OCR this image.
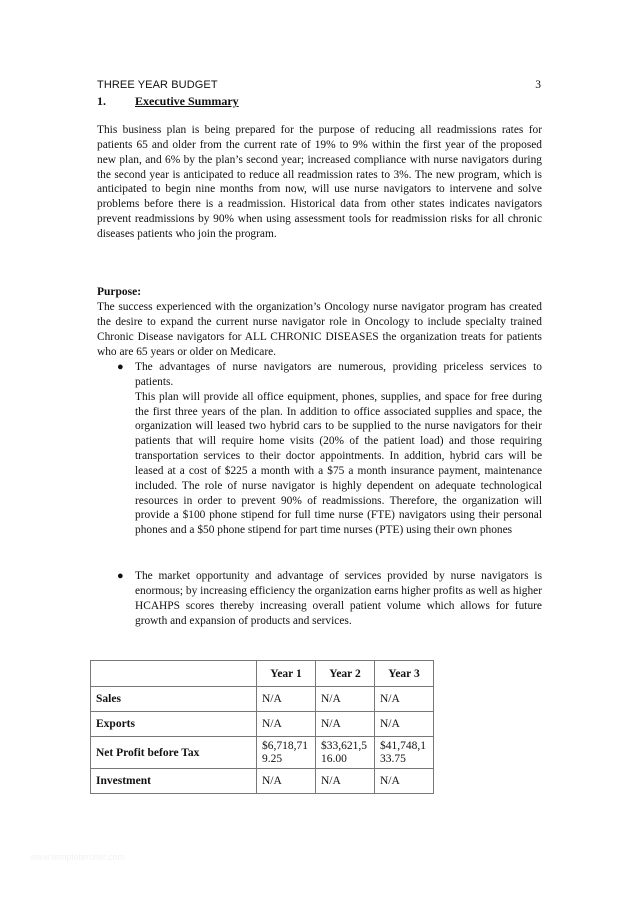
THREE YEAR BUDGET	3
1. Executive Summary

This business plan is being prepared for the purpose of reducing all readmissions rates for patients 65 and older from the current rate of 19% to 9% within the first year of the proposed new plan, and 6% by the plan’s second year; increased compliance with nurse navigators during the second year is anticipated to reduce all readmission rates to 3%. The new program, which is anticipated to begin nine months from now, will use nurse navigators to intervene and solve problems before there is a readmission. Historical data from other states indicates navigators prevent readmissions by 90% when using assessment tools for readmission risks for all chronic diseases patients who join the program.

Purpose:

The success experienced with the organization’s Oncology nurse navigator program has created the desire to expand the current nurse navigator role in Oncology to include specialty trained Chronic Disease navigators for ALL CHRONIC DISEASES the organization treats for patients who are 65 years or older on Medicare.

● The advantages of nurse navigators are numerous, providing priceless services to patients.

This plan will provide all office equipment, phones, supplies, and space for free during the first three years of the plan. In addition to office associated supplies and space, the organization will leased two hybrid cars to be supplied to the nurse navigators for their patients that will require home visits (20% of the patient load) and those requiring transportation services to their doctor appointments. In addition, hybrid cars will be leased at a cost of $225 a month with a $75 a month insurance payment, maintenance included. The role of nurse navigator is highly dependent on adequate technological resources in order to prevent 90% of readmissions. Therefore, the organization will provide a $100 phone stipend for full time nurse (FTE) navigators using their personal phones and a $50 phone stipend for part time nurses (PTE) using their own phones

● The market opportunity and advantage of services provided by nurse navigators is enormous; by increasing efficiency the organization earns higher profits as well as higher HCAHPS scores thereby increasing overall patient volume which allows for future growth and expansion of products and services.

	Year 1	Year 2	Year 3
Sales	N/A	N/A	N/A
Exports	N/A	N/A	N/A
Net Profit before Tax	$6,718,719.25	$33,621,516.00	$41,748,133.75
Investment	N/A	N/A	N/A
www.templateroller.com
